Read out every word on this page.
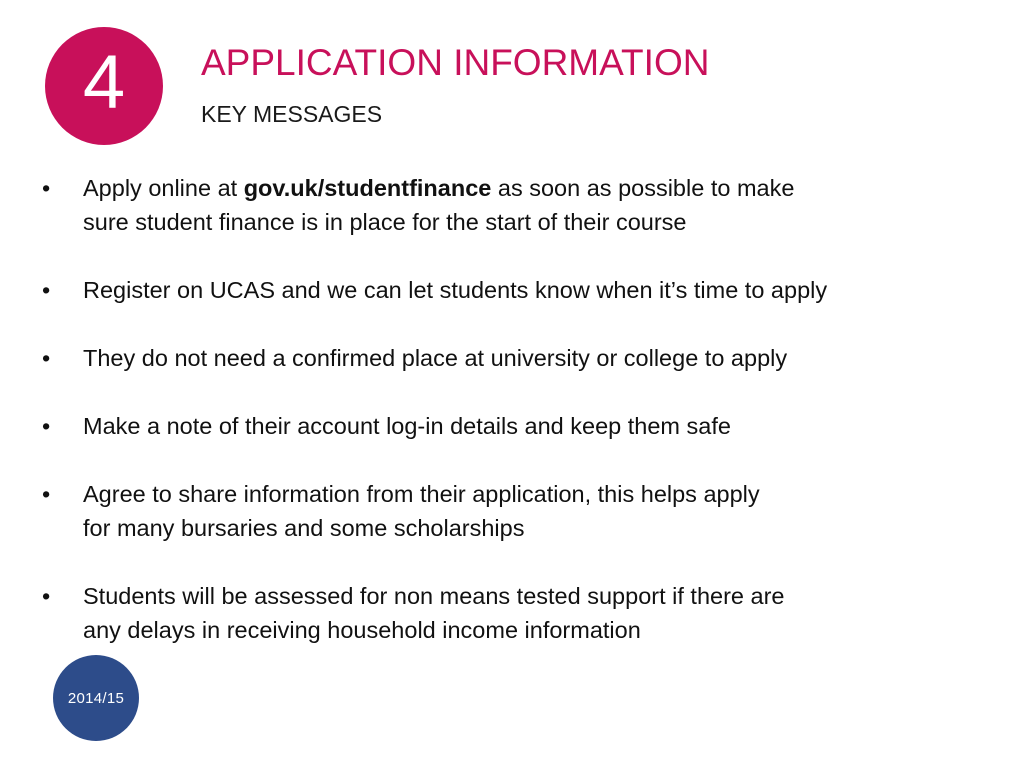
4 APPLICATION INFORMATION
KEY MESSAGES
• Apply online at gov.uk/studentfinance as soon as possible to make
sure student finance is in place for the start of their course
• Register on UCAS and we can let students know when it’s time to apply
• They do not need a confirmed place at university or college to apply
• Make a note of their account log-in details and keep them safe
• Agree to share information from their application, this helps apply
for many bursaries and some scholarships
• Students will be assessed for non means tested support if there are
any delays in receiving household income information
2014/15
